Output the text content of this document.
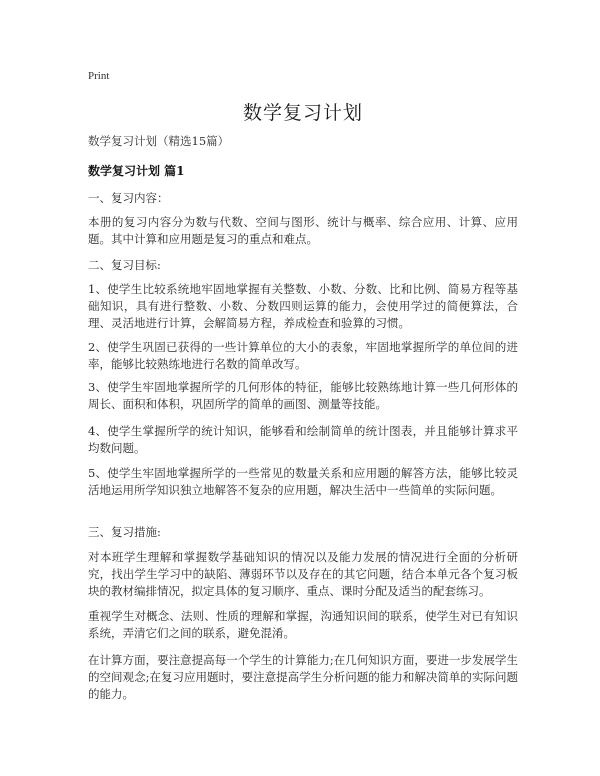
Print
数学复习计划
数学复习计划（精选15篇）
数学复习计划 篇1
一、复习内容：
本册的复习内容分为数与代数、空间与图形、统计与概率、综合应用、计算、应用题。其中计算和应用题是复习的重点和难点。
二、复习目标:
1、使学生比较系统地牢固地掌握有关整数、小数、分数、比和比例、简易方程等基础知识，具有进行整数、小数、分数四则运算的能力，会使用学过的简便算法，合理、灵活地进行计算，会解简易方程，养成检查和验算的习惯。
2、使学生巩固已获得的一些计算单位的大小的表象，牢固地掌握所学的单位间的进率，能够比较熟练地进行名数的简单改写。
3、使学生牢固地掌握所学的几何形体的特征，能够比较熟练地计算一些几何形体的周长、面积和体积，巩固所学的简单的画图、测量等技能。
4、使学生掌握所学的统计知识，能够看和绘制简单的统计图表，并且能够计算求平均数问题。
5、使学生牢固地掌握所学的一些常见的数量关系和应用题的解答方法，能够比较灵活地运用所学知识独立地解答不复杂的应用题，解决生活中一些简单的实际问题。
三、复习措施:
对本班学生理解和掌握数学基础知识的情况以及能力发展的情况进行全面的分析研究，找出学生学习中的缺陷、薄弱环节以及存在的其它问题，结合本单元各个复习板块的教材编排情况，拟定具体的复习顺序、重点、课时分配及适当的配套练习。
重视学生对概念、法则、性质的理解和掌握，沟通知识间的联系，使学生对已有知识系统，弄清它们之间的联系，避免混淆。
在计算方面，要注意提高每一个学生的计算能力;在几何知识方面，要进一步发展学生的空间观念;在复习应用题时，要注意提高学生分析问题的能力和解决简单的实际问题的能力。
